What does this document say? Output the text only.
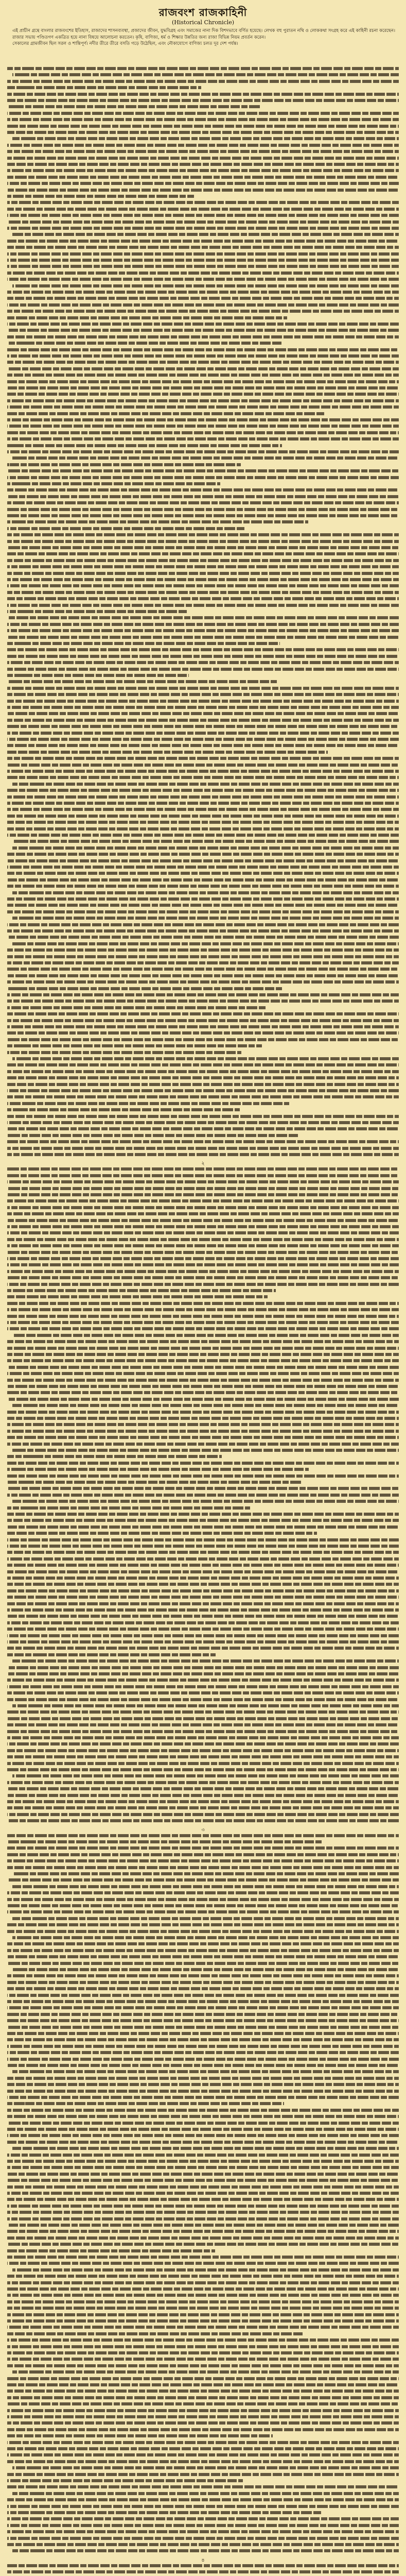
রাজবংশ রাজকাহিনী
(Historical Chronicle)

এই প্রাচীন গ্রন্থে বাংলার রাজবংশের ইতিহাস, রাজাদের শাসনব্যবস্থা, প্রজাদের জীবন, যুদ্ধবিগ্রহ এবং সমাজের নানা দিক বিশদভাবে বর্ণিত হয়েছে। লেখক বহু পুরাতন নথি ও লোককথা সংগ্রহ করে এই কাহিনী রচনা করেছেন।

রাজার সভায় পণ্ডিতগণ একত্রিত হয়ে নানা বিষয়ে আলোচনা করতেন। কৃষি, বাণিজ্য, ধর্ম ও শিক্ষার উন্নতির জন্য রাজা বিভিন্ন নিয়ম প্রবর্তন করেন।

সেকালের গ্রামজীবন ছিল সরল ও শান্তিপূর্ণ। নদীর তীরে তীরে বসতি গড়ে উঠেছিল, এবং নৌকাযোগে বাণিজ্য চলত দূর দেশ পর্যন্ত।

২
৩
৪
